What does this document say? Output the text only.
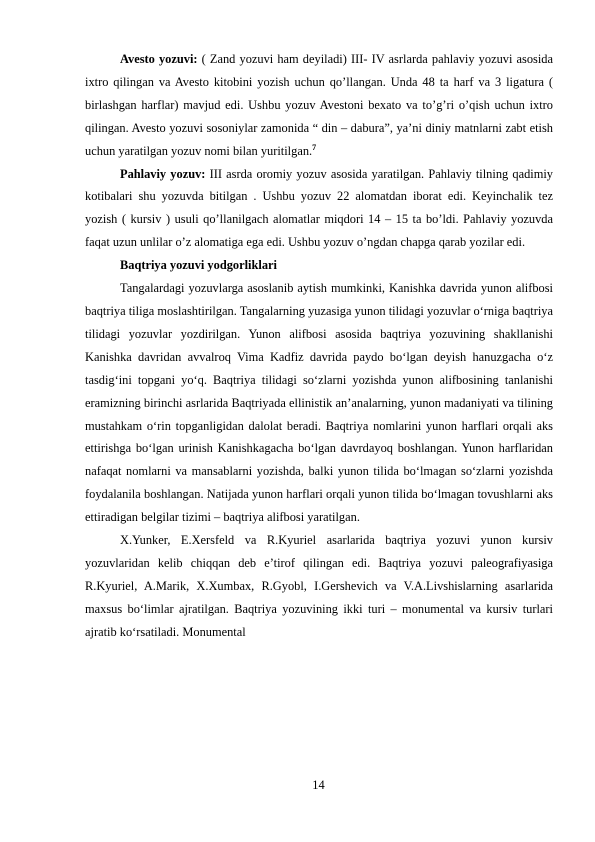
Avesto yozuvi: ( Zand yozuvi ham deyiladi) III- IV asrlarda pahlaviy yozuvi asosida ixtro qilingan va Avesto kitobini yozish uchun qo’llangan. Unda 48 ta harf va 3 ligatura ( birlashgan harflar) mavjud edi. Ushbu yozuv Avestoni bexato va to’g’ri o’qish uchun ixtro qilingan. Avesto yozuvi sosoniylar zamonida “ din – dabura”, ya’ni diniy matnlarni zabt etish uchun yaratilgan yozuv nomi bilan yuritilgan.$^7$

Pahlaviy yozuv: III asrda oromiy yozuv asosida yaratilgan. Pahlaviy tilning qadimiy kotibalari shu yozuvda bitilgan . Ushbu yozuv 22 alomatdan iborat edi. Keyinchalik tez yozish ( kursiv ) usuli qo’llanilgach alomatlar miqdori 14 – 15 ta bo’ldi. Pahlaviy yozuvda faqat uzun unlilar o’z alomatiga ega edi. Ushbu yozuv o’ngdan chapga qarab yozilar edi.

Baqtriya yozuvi yodgorliklari

Tangalardagi yozuvlarga asoslanib aytish mumkinki, Kanishka davrida yunon alifbosi baqtriya tiliga moslashtirilgan. Tangalarning yuzasiga yunon tilidagi yozuvlar o‘rniga baqtriya tilidagi yozuvlar yozdirilgan. Yunon alifbosi asosida baqtriya yozuvining shakllanishi Kanishka davridan avvalroq Vima Kadfiz davrida paydo bo‘lgan deyish hanuzgacha o‘z tasdig‘ini topgani yo‘q. Baqtriya tilidagi so‘zlarni yozishda yunon alifbosining tanlanishi eramizning birinchi asrlarida Baqtriyada ellinistik an’analarning, yunon madaniyati va tilining mustahkam o‘rin topganligidan dalolat beradi. Baqtriya nomlarini yunon harflari orqali aks ettirishga bo‘lgan urinish Kanishkagacha bo‘lgan davrdayoq boshlangan. Yunon harflaridan nafaqat nomlarni va mansablarni yozishda, balki yunon tilida bo‘lmagan so‘zlarni yozishda foydalanila boshlangan. Natijada yunon harflari orqali yunon tilida bo‘lmagan tovushlarni aks ettiradigan belgilar tizimi – baqtriya alifbosi yaratilgan.

X.Yunker, E.Xersfeld va R.Kyuriel asarlarida baqtriya yozuvi yunon kursiv yozuvlaridan kelib chiqqan deb e’tirof qilingan edi. Baqtriya yozuvi paleografiyasiga R.Kyuriel, A.Marik, X.Xumbax, R.Gyobl, I.Gershevich va V.A.Livshislarning asarlarida maxsus bo‘limlar ajratilgan. Baqtriya yozuvining ikki turi – monumental va kursiv turlari ajratib ko‘rsatiladi. Monumental

14
